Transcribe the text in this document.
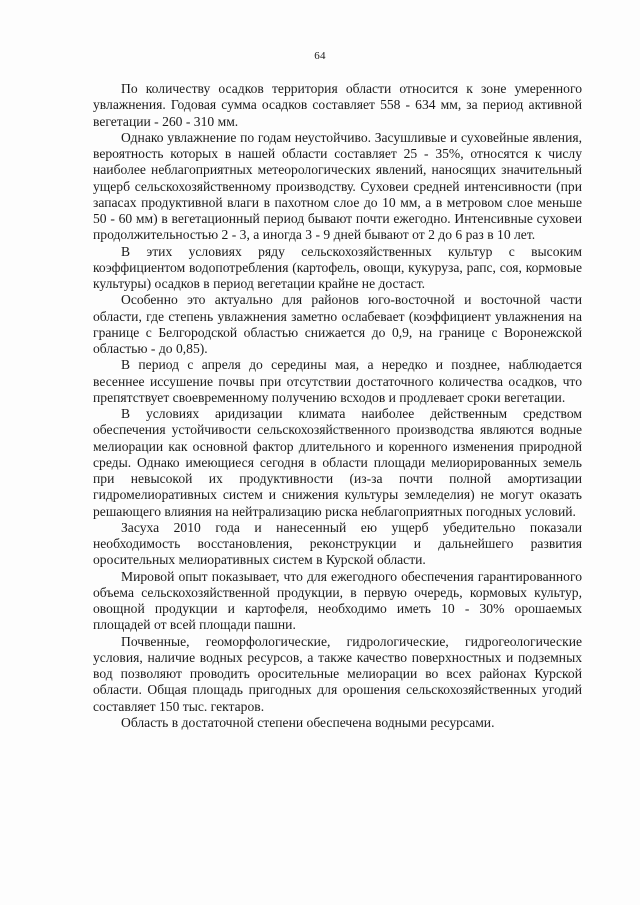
64

По количеству осадков территория области относится к зоне умеренного увлажнения. Годовая сумма осадков составляет 558 - 634 мм, за период активной вегетации - 260 - 310 мм.

Однако увлажнение по годам неустойчиво. Засушливые и суховейные явления, вероятность которых в нашей области составляет 25 - 35%, относятся к числу наиболее неблагоприятных метеорологических явлений, наносящих значительный ущерб сельскохозяйственному производству. Суховеи средней интенсивности (при запасах продуктивной влаги в пахотном слое до 10 мм, а в метровом слое меньше 50 - 60 мм) в вегетационный период бывают почти ежегодно. Интенсивные суховеи продолжительностью 2 - 3, а иногда 3 - 9 дней бывают от 2 до 6 раз в 10 лет.

В этих условиях ряду сельскохозяйственных культур с высоким коэффициентом водопотребления (картофель, овощи, кукуруза, рапс, соя, кормовые культуры) осадков в период вегетации крайне не достаст.

Особенно это актуально для районов юго-восточной и восточной части области, где степень увлажнения заметно ослабевает (коэффициент увлажнения на границе с Белгородской областью снижается до 0,9, на границе с Воронежской областью - до 0,85).

В период с апреля до середины мая, а нередко и позднее, наблюдается весеннее иссушение почвы при отсутствии достаточного количества осадков, что препятствует своевременному получению всходов и продлевает сроки вегетации.

В условиях аридизации климата наиболее действенным средством обеспечения устойчивости сельскохозяйственного производства являются водные мелиорации как основной фактор длительного и коренного изменения природной среды. Однако имеющиеся сегодня в области площади мелиорированных земель при невысокой их продуктивности (из-за почти полной амортизации гидромелиоративных систем и снижения культуры земледелия) не могут оказать решающего влияния на нейтрализацию риска неблагоприятных погодных условий.

Засуха 2010 года и нанесенный ею ущерб убедительно показали необходимость восстановления, реконструкции и дальнейшего развития оросительных мелиоративных систем в Курской области.

Мировой опыт показывает, что для ежегодного обеспечения гарантированного объема сельскохозяйственной продукции, в первую очередь, кормовых культур, овощной продукции и картофеля, необходимо иметь 10 - 30% орошаемых площадей от всей площади пашни.

Почвенные, геоморфологические, гидрологические, гидрогеологические условия, наличие водных ресурсов, а также качество поверхностных и подземных вод позволяют проводить оросительные мелиорации во всех районах Курской области. Общая площадь пригодных для орошения сельскохозяйственных угодий составляет 150 тыс. гектаров.

Область в достаточной степени обеспечена водными ресурсами.
